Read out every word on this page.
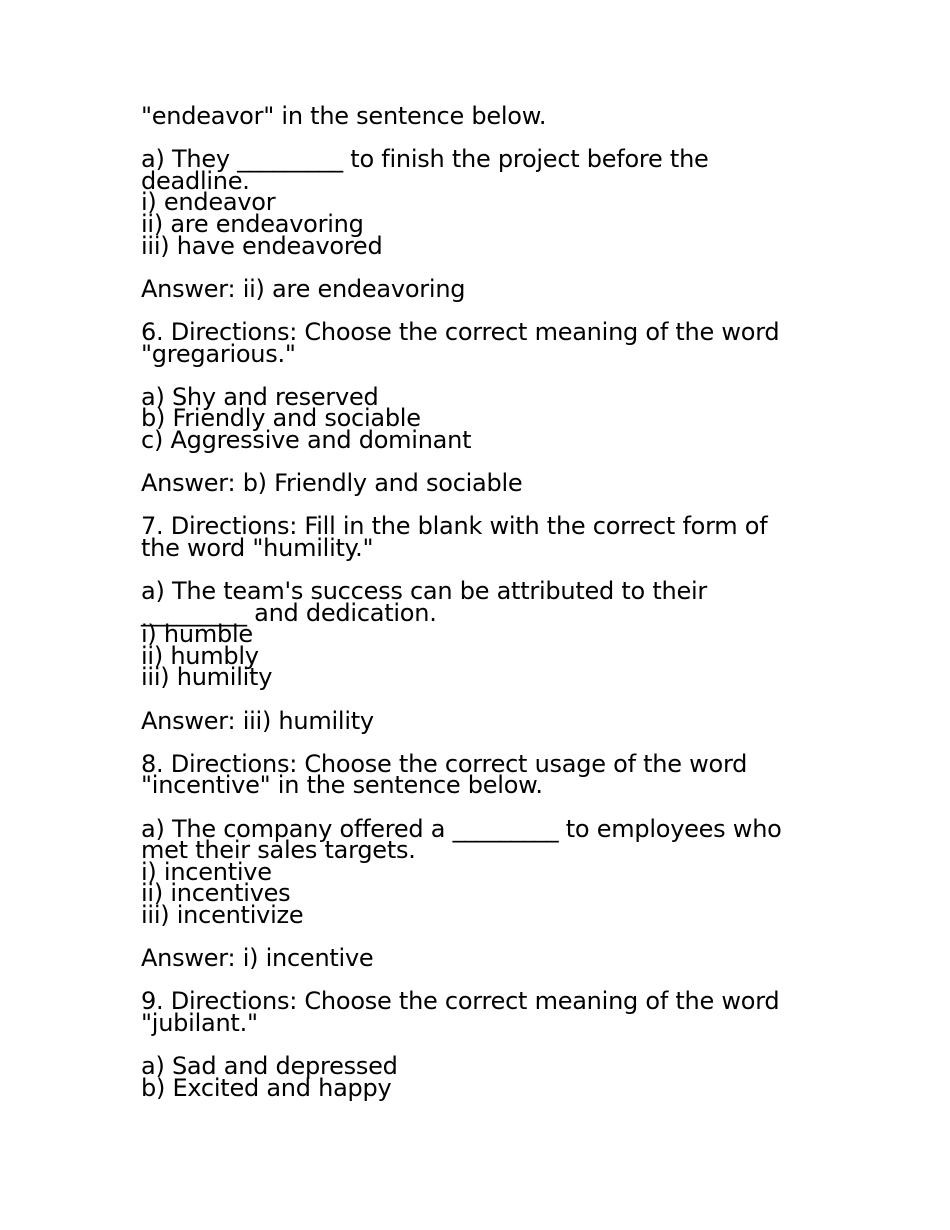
"endeavor" in the sentence below.
a) They _________ to finish the project before the
deadline.
i) endeavor
ii) are endeavoring
iii) have endeavored
Answer: ii) are endeavoring
6. Directions: Choose the correct meaning of the word
"gregarious."
a) Shy and reserved
b) Friendly and sociable
c) Aggressive and dominant
Answer: b) Friendly and sociable
7. Directions: Fill in the blank with the correct form of
the word "humility."
a) The team's success can be attributed to their
_________ and dedication.
i) humble
ii) humbly
iii) humility
Answer: iii) humility
8. Directions: Choose the correct usage of the word
"incentive" in the sentence below.
a) The company offered a _________ to employees who
met their sales targets.
i) incentive
ii) incentives
iii) incentivize
Answer: i) incentive
9. Directions: Choose the correct meaning of the word
"jubilant."
a) Sad and depressed
b) Excited and happy
